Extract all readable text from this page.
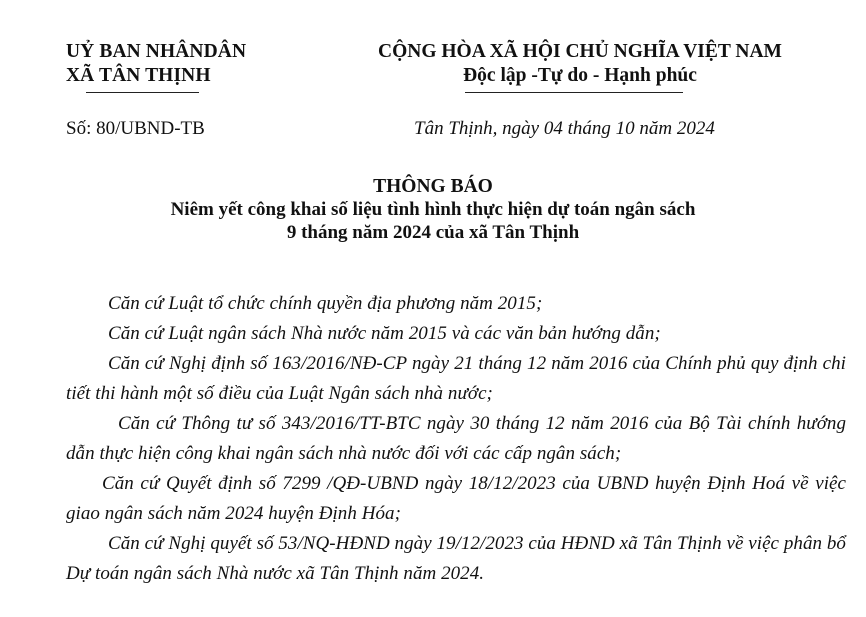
UỶ BAN NHÂNDÂN
XÃ TÂN THỊNH
CỘNG HÒA XÃ HỘI CHỦ NGHĨA VIỆT NAM
Độc lập -Tự do - Hạnh phúc
Số: 80/UBND-TB	Tân Thịnh, ngày 04 tháng 10 năm 2024
THÔNG BÁO
Niêm yết công khai số liệu tình hình thực hiện dự toán ngân sách
9 tháng năm 2024 của xã Tân Thịnh

Căn cứ Luật tổ chức chính quyền địa phương năm 2015;

Căn cứ Luật ngân sách Nhà nước năm 2015 và các văn bản hướng dẫn;

Căn cứ Nghị định số 163/2016/NĐ-CP ngày 21 tháng 12 năm 2016 của Chính phủ quy định chi tiết thi hành một số điều của Luật Ngân sách nhà nước;

Căn cứ Thông tư số 343/2016/TT-BTC ngày 30 tháng 12 năm 2016 của Bộ Tài chính hướng dẫn thực hiện công khai ngân sách nhà nước đối với các cấp ngân sách;

Căn cứ Quyết định số 7299 /QĐ-UBND ngày 18/12/2023 của UBND huyện Định Hoá về việc giao ngân sách năm 2024 huyện Định Hóa;

Căn cứ Nghị quyết số 53/NQ-HĐND ngày 19/12/2023 của HĐND xã Tân Thịnh về việc phân bổ Dự toán ngân sách Nhà nước xã Tân Thịnh năm 2024.
